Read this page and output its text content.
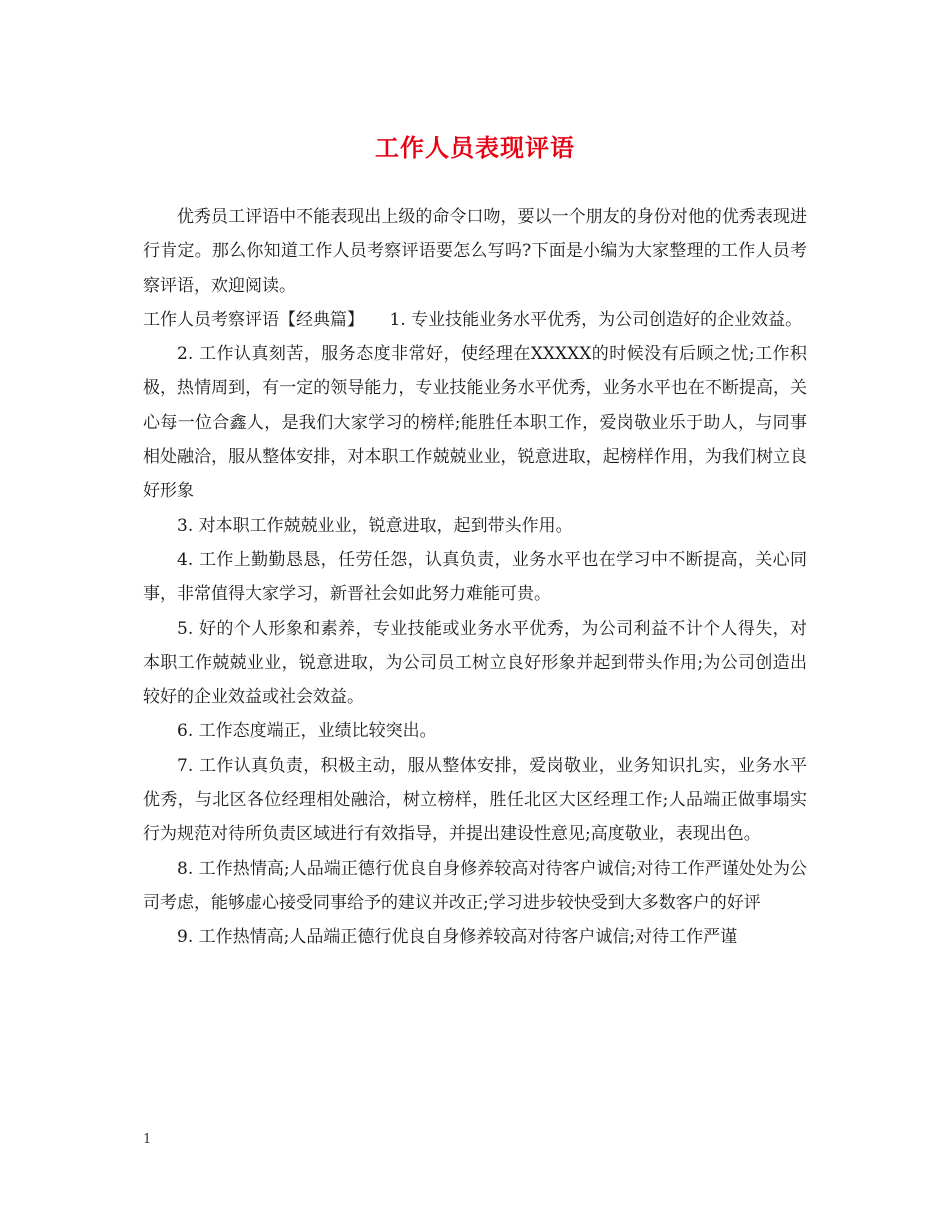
工作人员表现评语

优秀员工评语中不能表现出上级的命令口吻，要以一个朋友的身份对他的优秀表现进行肯定。那么你知道工作人员考察评语要怎么写吗?下面是小编为大家整理的工作人员考察评语，欢迎阅读。

工作人员考察评语【经典篇】　　1. 专业技能业务水平优秀，为公司创造好的企业效益。

2. 工作认真刻苦，服务态度非常好，使经理在XXXXX的时候没有后顾之忧;工作积极，热情周到，有一定的领导能力，专业技能业务水平优秀，业务水平也在不断提高，关心每一位合鑫人，是我们大家学习的榜样;能胜任本职工作，爱岗敬业乐于助人，与同事相处融洽，服从整体安排，对本职工作兢兢业业，锐意进取，起榜样作用，为我们树立良好形象

3. 对本职工作兢兢业业，锐意进取，起到带头作用。

4. 工作上勤勤恳恳，任劳任怨，认真负责，业务水平也在学习中不断提高，关心同事，非常值得大家学习，新晋社会如此努力难能可贵。

5. 好的个人形象和素养，专业技能或业务水平优秀，为公司利益不计个人得失，对本职工作兢兢业业，锐意进取，为公司员工树立良好形象并起到带头作用;为公司创造出较好的企业效益或社会效益。

6. 工作态度端正，业绩比较突出。

7. 工作认真负责，积极主动，服从整体安排，爱岗敬业，业务知识扎实，业务水平优秀，与北区各位经理相处融洽，树立榜样，胜任北区大区经理工作;人品端正做事塌实行为规范对待所负责区域进行有效指导，并提出建设性意见;高度敬业，表现出色。

8. 工作热情高;人品端正德行优良自身修养较高对待客户诚信;对待工作严谨处处为公司考虑，能够虚心接受同事给予的建议并改正;学习进步较快受到大多数客户的好评

9. 工作热情高;人品端正德行优良自身修养较高对待客户诚信;对待工作严谨

1
